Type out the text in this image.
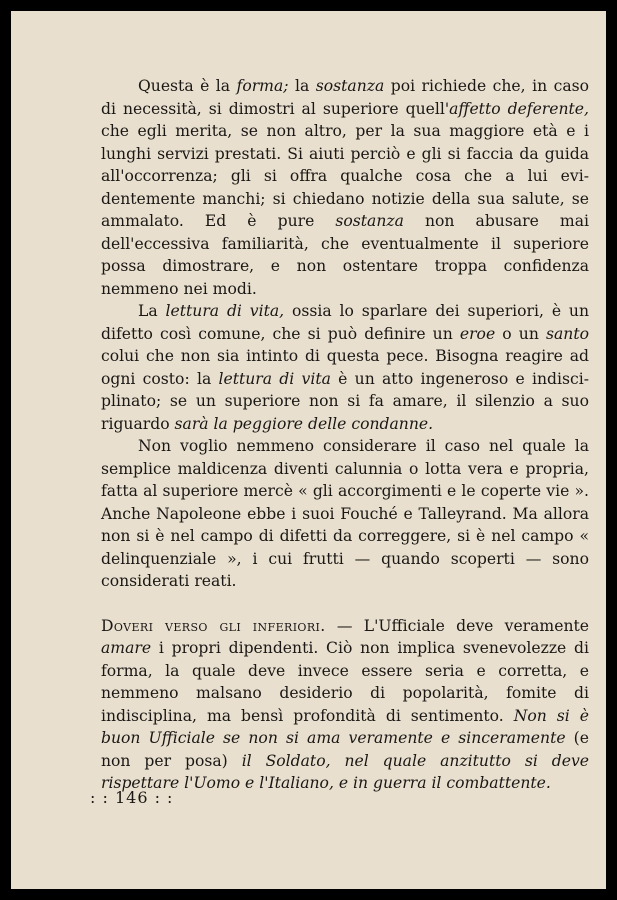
Questa è la forma; la sostanza poi richiede che, in caso di necessità, si dimostri al superiore quell'affetto deferente, che egli merita, se non altro, per la sua maggiore età e i lunghi servizi prestati. Si aiuti perciò e gli si faccia da guida all'occorrenza; gli si offra qualche cosa che a lui evidentemente manchi; si chiedano notizie della sua salute, se ammalato. Ed è pure sostanza non abusare mai dell'eccessiva familiarità, che eventualmente il superiore possa dimostrare, e non ostentare troppa confidenza nemmeno nei modi.

La lettura di vita, ossia lo sparlare dei superiori, è un difetto così comune, che si può definire un eroe o un santo colui che non sia intinto di questa pece. Bisogna reagire ad ogni costo: la lettura di vita è un atto ingeneroso e indisciplinato; se un superiore non si fa amare, il silenzio a suo riguardo sarà la peggiore delle condanne.

Non voglio nemmeno considerare il caso nel quale la semplice maldicenza diventi calunnia o lotta vera e propria, fatta al superiore mercè « gli accorgimenti e le coperte vie ». Anche Napoleone ebbe i suoi Fouché e Talleyrand. Ma allora non si è nel campo di difetti da correggere, si è nel campo « delinquenziale », i cui frutti — quando scoperti — sono considerati reati.

Doveri verso gli inferiori. — L'Ufficiale deve veramente amare i propri dipendenti. Ciò non implica svenevolezze di forma, la quale deve invece essere seria e corretta, e nemmeno malsano desiderio di popolarità, fomite di indisciplina, ma bensì profondità di sentimento. Non si è buon Ufficiale se non si ama veramente e sinceramente (e non per posa) il Soldato, nel quale anzitutto si deve rispettare l'Uomo e l'Italiano, e in guerra il combattente.

: : 146 : :
